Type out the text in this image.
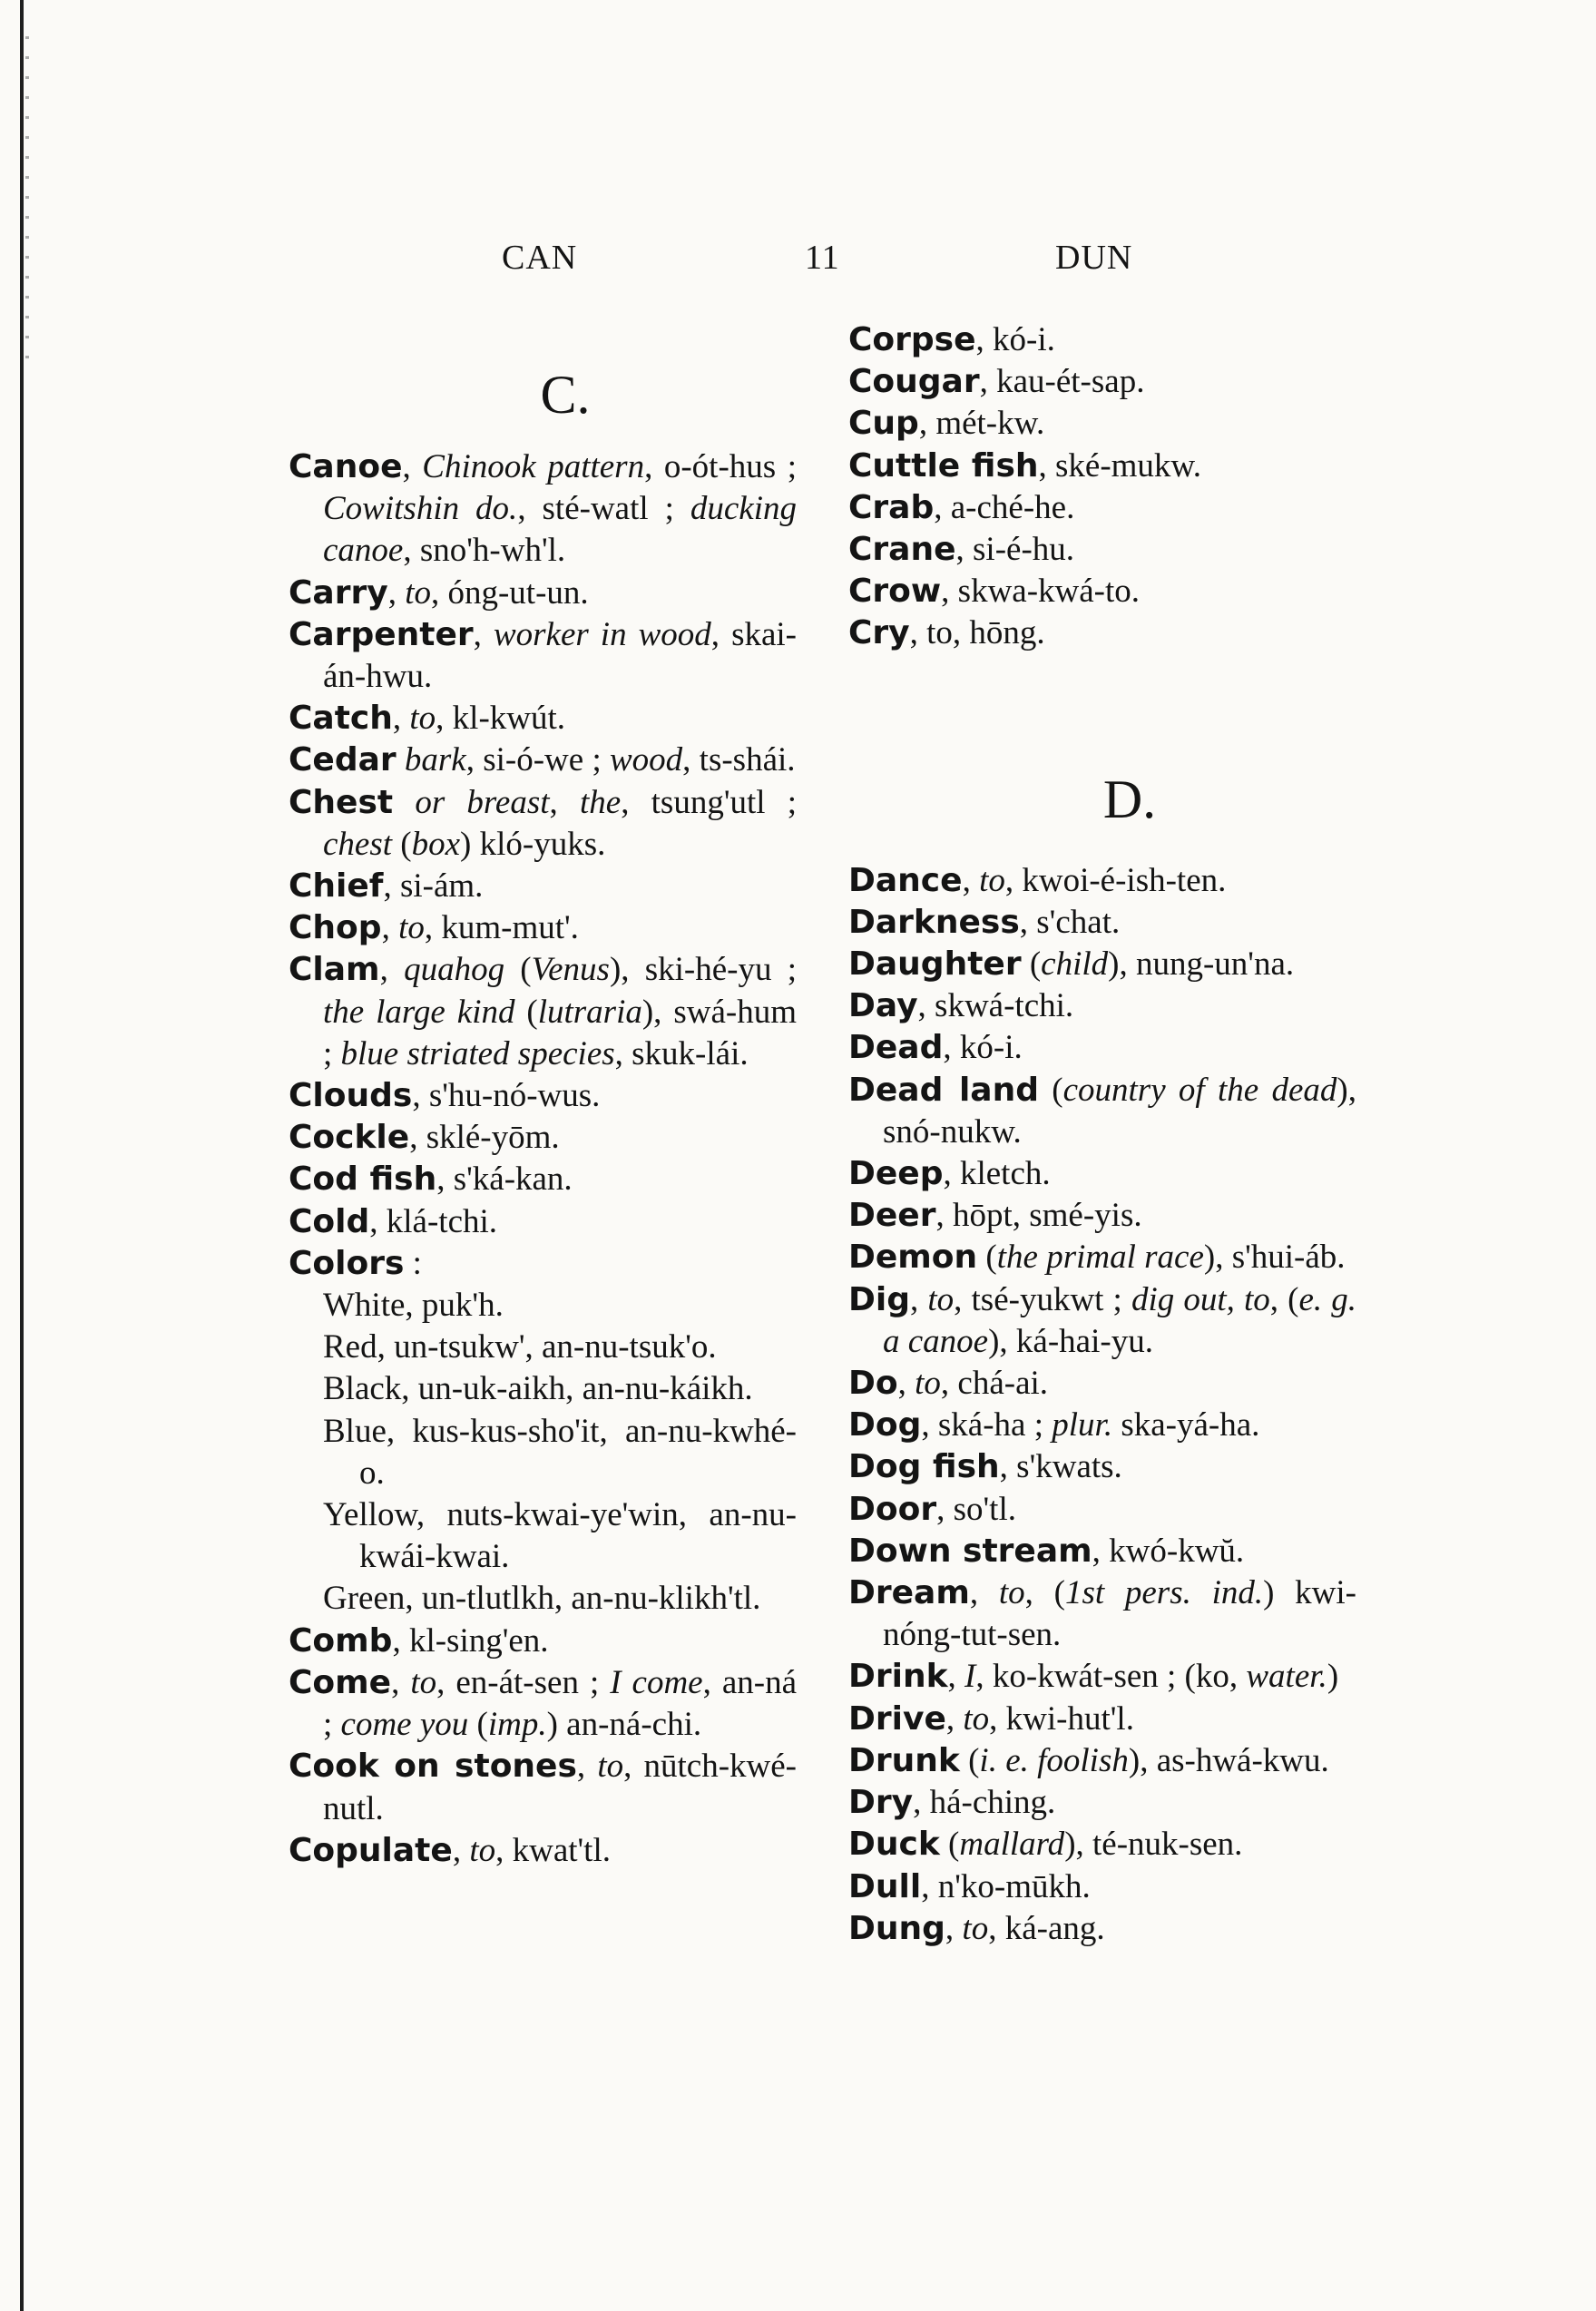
CAN	11	DUN
C.
Canoe, Chinook pattern, o-ót-hus ; Cowitshin do., sté-watl ; ducking canoe, sno'h-wh'l.
Carry, to, óng-ut-un.
Carpenter, worker in wood, skai-án-hwu.
Catch, to, kl-kwút.
Cedar bark, si-ó-we ; wood, ts-shái.
Chest or breast, the, tsung'utl ; chest (box) kló-yuks.
Chief, si-ám.
Chop, to, kum-mut'.
Clam, quahog (Venus), ski-hé-yu ; the large kind (lutraria), swá-hum ; blue striated species, skuk-lái.
Clouds, s'hu-nó-wus.
Cockle, sklé-yōm.
Cod fish, s'ká-kan.
Cold, klá-tchi.
Colors :
White, puk'h.
Red, un-tsukw', an-nu-tsuk'o.
Black, un-uk-aikh, an-nu-káikh.
Blue, kus-kus-sho'it, an-nu-kwhé-o.
Yellow, nuts-kwai-ye'win, an-nu-kwái-kwai.
Green, un-tlutlkh, an-nu-klikh'tl.
Comb, kl-sing'en.
Come, to, en-át-sen ; I come, an-ná ; come you (imp.) an-ná-chi.
Cook on stones, to, nūtch-kwé-nutl.
Copulate, to, kwat'tl.
Corpse, kó-i.
Cougar, kau-ét-sap.
Cup, mét-kw.
Cuttle fish, ské-mukw.
Crab, a-ché-he.
Crane, si-é-hu.
Crow, skwa-kwá-to.
Cry, to, hōng.
D.
Dance, to, kwoi-é-ish-ten.
Darkness, s'chat.
Daughter (child), nung-un'na.
Day, skwá-tchi.
Dead, kó-i.
Dead land (country of the dead), snó-nukw.
Deep, kletch.
Deer, hōpt, smé-yis.
Demon (the primal race), s'hui-áb.
Dig, to, tsé-yukwt ; dig out, to, (e. g. a canoe), ká-hai-yu.
Do, to, chá-ai.
Dog, ská-ha ; plur. ska-yá-ha.
Dog fish, s'kwats.
Door, so'tl.
Down stream, kwó-kwŭ.
Dream, to, (1st pers. ind.) kwi-nóng-tut-sen.
Drink, I, ko-kwát-sen ; (ko, water.)
Drive, to, kwi-hut'l.
Drunk (i. e. foolish), as-hwá-kwu.
Dry, há-ching.
Duck (mallard), té-nuk-sen.
Dull, n'ko-mūkh.
Dung, to, ká-ang.
